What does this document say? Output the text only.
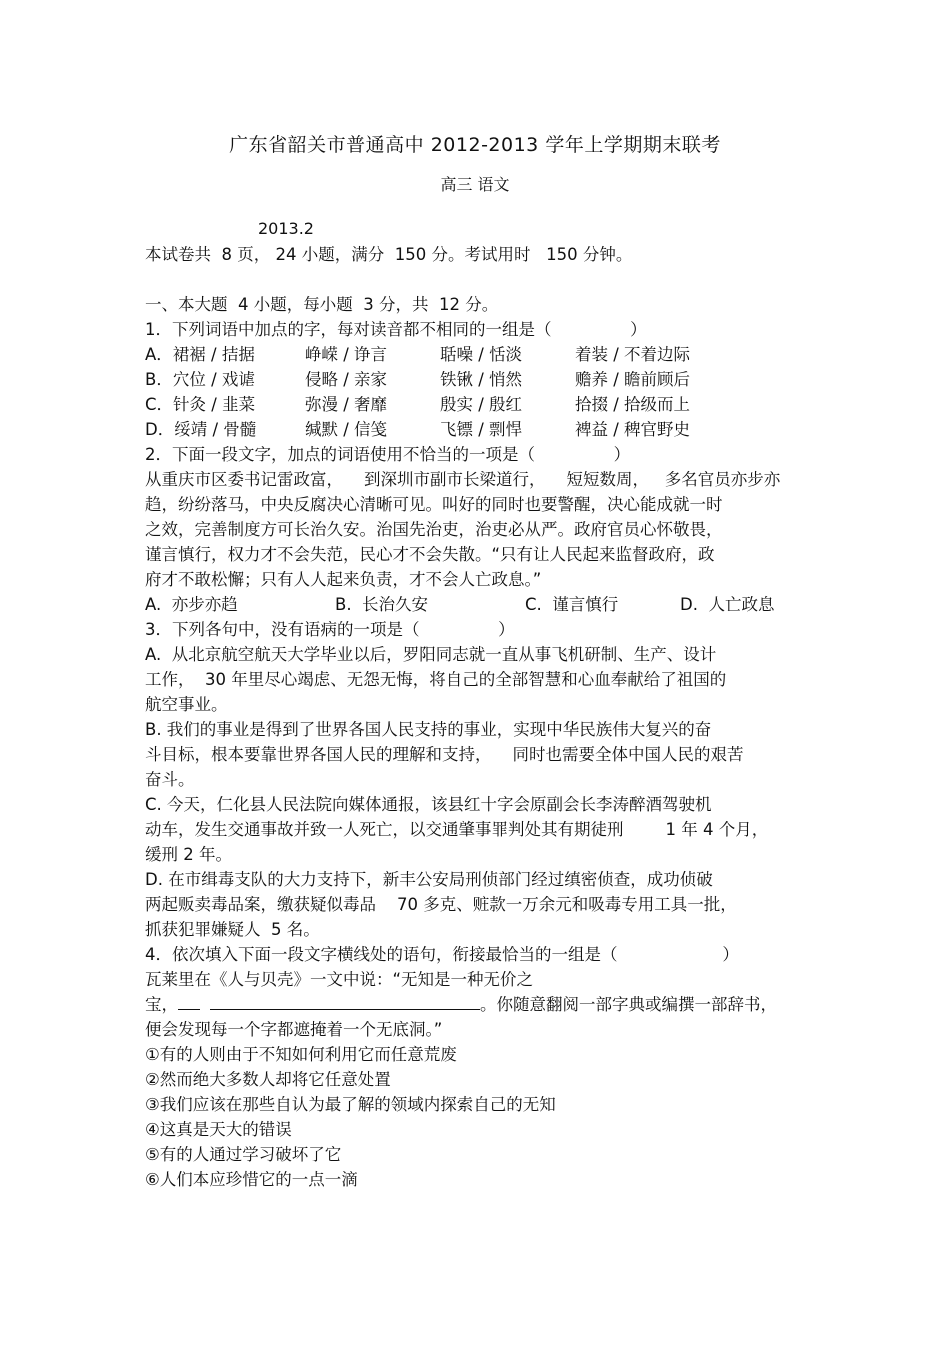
广东省韶关市普通高中 2012-2013 学年上学期期末联考
高三 语文
2013.2
本试卷共  8 页， 24 小题，满分  150 分。考试用时   150 分钟。
一、本大题  4 小题，每小题  3 分，共  12 分。
1．下列词语中加点的字，每对读音都不相同的一组是（               ）
A．裙裾 / 拮据	峥嵘 / 诤言	聒噪 / 恬淡	着装 / 不着边际
B．穴位 / 戏谑	侵略 / 亲家	铁锹 / 悄然	赡养 / 瞻前顾后
C．针灸 / 韭菜	弥漫 / 奢靡	殷实 / 殷红	拾掇 / 拾级而上
D．绥靖 / 骨髓	缄默 / 信笺	飞镖 / 剽悍	裨益 / 稗官野史
2．下面一段文字，加点的词语使用不恰当的一项是（               ）
从重庆市区委书记雷政富，    到深圳市副市长梁道行，    短短数周，   多名官员亦步亦
趋，纷纷落马，中央反腐决心清晰可见。叫好的同时也要警醒，决心能成就一时
之效，完善制度方可长治久安。治国先治吏，治吏必从严。政府官员心怀敬畏，
谨言慎行，权力才不会失范，民心才不会失散。“只有让人民起来监督政府，政
府才不敢松懈；只有人人起来负责，才不会人亡政息。”
A.  亦步亦趋	B.  长治久安	C.  谨言慎行	D.  人亡政息
3．下列各句中，没有语病的一项是（               ）
A.  从北京航空航天大学毕业以后，罗阳同志就一直从事飞机研制、生产、设计
工作，  30 年里尽心竭虑、无怨无悔，将自己的全部智慧和心血奉献给了祖国的
航空事业。
B. 我们的事业是得到了世界各国人民支持的事业，实现中华民族伟大复兴的奋
斗目标，根本要靠世界各国人民的理解和支持，    同时也需要全体中国人民的艰苦
奋斗。
C. 今天，仁化县人民法院向媒体通报，该县红十字会原副会长李涛醉酒驾驶机
动车，发生交通事故并致一人死亡，以交通肇事罪判处其有期徒刑        1 年 4 个月，
缓刑 2 年。
D. 在市缉毒支队的大力支持下，新丰公安局刑侦部门经过缜密侦查，成功侦破
两起贩卖毒品案，缴获疑似毒品    70 多克、赃款一万余元和吸毒专用工具一批，
抓获犯罪嫌疑人  5 名。
4．依次填入下面一段文字横线处的语句，衔接最恰当的一组是（                    ）
瓦莱里在《人与贝壳》一文中说：“无知是一种无价之
宝，	。你随意翻阅一部字典或编撰一部辞书，
便会发现每一个字都遮掩着一个无底洞。”
①有的人则由于不知如何利用它而任意荒废
②然而绝大多数人却将它任意处置
③我们应该在那些自认为最了解的领域内探索自己的无知
④这真是天大的错误
⑤有的人通过学习破坏了它
⑥人们本应珍惜它的一点一滴
